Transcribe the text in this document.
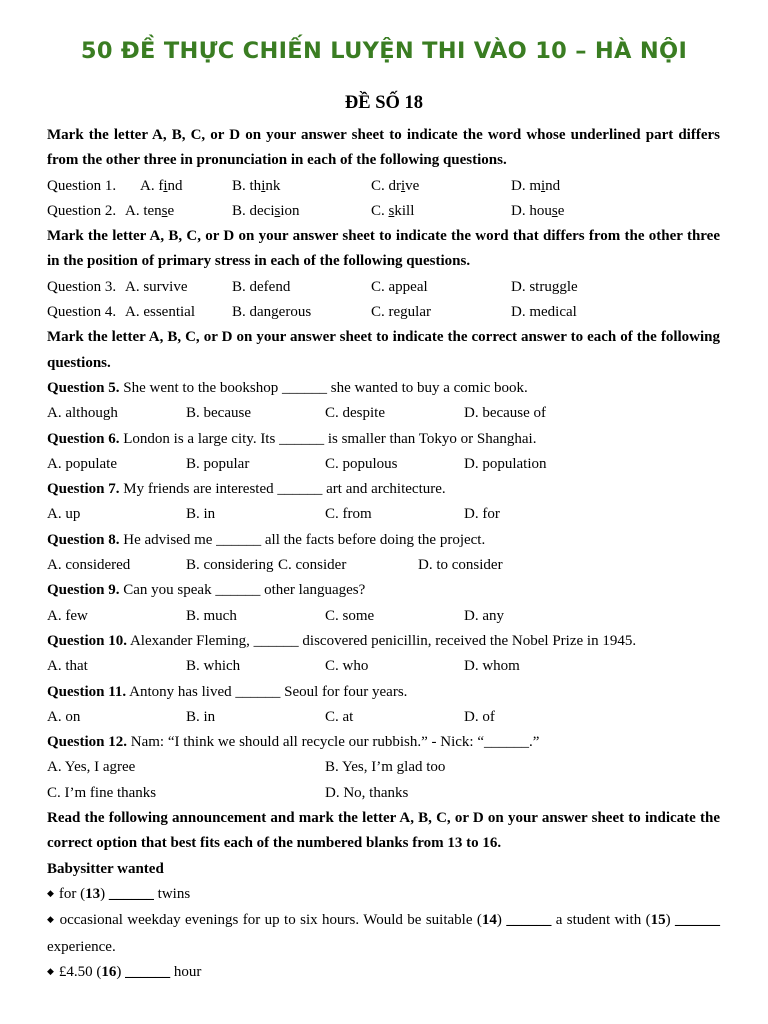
50 ĐỀ THỰC CHIẾN LUYỆN THI VÀO 10 – HÀ NỘI
ĐỀ SỐ 18
Mark the letter A, B, C, or D on your answer sheet to indicate the word whose underlined part differs from the other three in pronunciation in each of the following questions.
Question 1. A. find	B. think	C. drive	D. mind
Question 2. A. tense	B. decision	C. skill	D. house
Mark the letter A, B, C, or D on your answer sheet to indicate the word that differs from the other three in the position of primary stress in each of the following questions.
Question 3. A. survive	B. defend	C. appeal	D. struggle
Question 4. A. essential B. dangerous	C. regular	D. medical
Mark the letter A, B, C, or D on your answer sheet to indicate the correct answer to each of the following questions.
Question 5. She went to the bookshop ______ she wanted to buy a comic book.
A. although	B. because	C. despite	D. because of
Question 6. London is a large city. Its ______ is smaller than Tokyo or Shanghai.
A. populate	B. popular	C. populous	D. population
Question 7. My friends are interested ______ art and architecture.
A. up	B. in	C. from	D. for
Question 8. He advised me ______ all the facts before doing the project.
A. considered	B. considering C. consider	D. to consider
Question 9. Can you speak ______ other languages?
A. few	B. much	C. some	D. any
Question 10. Alexander Fleming, ______ discovered penicillin, received the Nobel Prize in 1945.
A. that	B. which	C. who	D. whom
Question 11. Antony has lived ______ Seoul for four years.
A. on	B. in	C. at	D. of
Question 12. Nam: “I think we should all recycle our rubbish.” - Nick: “______.”
A. Yes, I agree	B. Yes, I’m glad too
C. I’m fine thanks	D. No, thanks
Read the following announcement and mark the letter A, B, C, or D on your answer sheet to indicate the correct option that best fits each of the numbered blanks from 13 to 16.
Babysitter wanted
◆ for (13) ______ twins
◆ occasional weekday evenings for up to six hours. Would be suitable (14) ______ a student with (15) ______ experience.
◆ £4.50 (16) ______ hour
